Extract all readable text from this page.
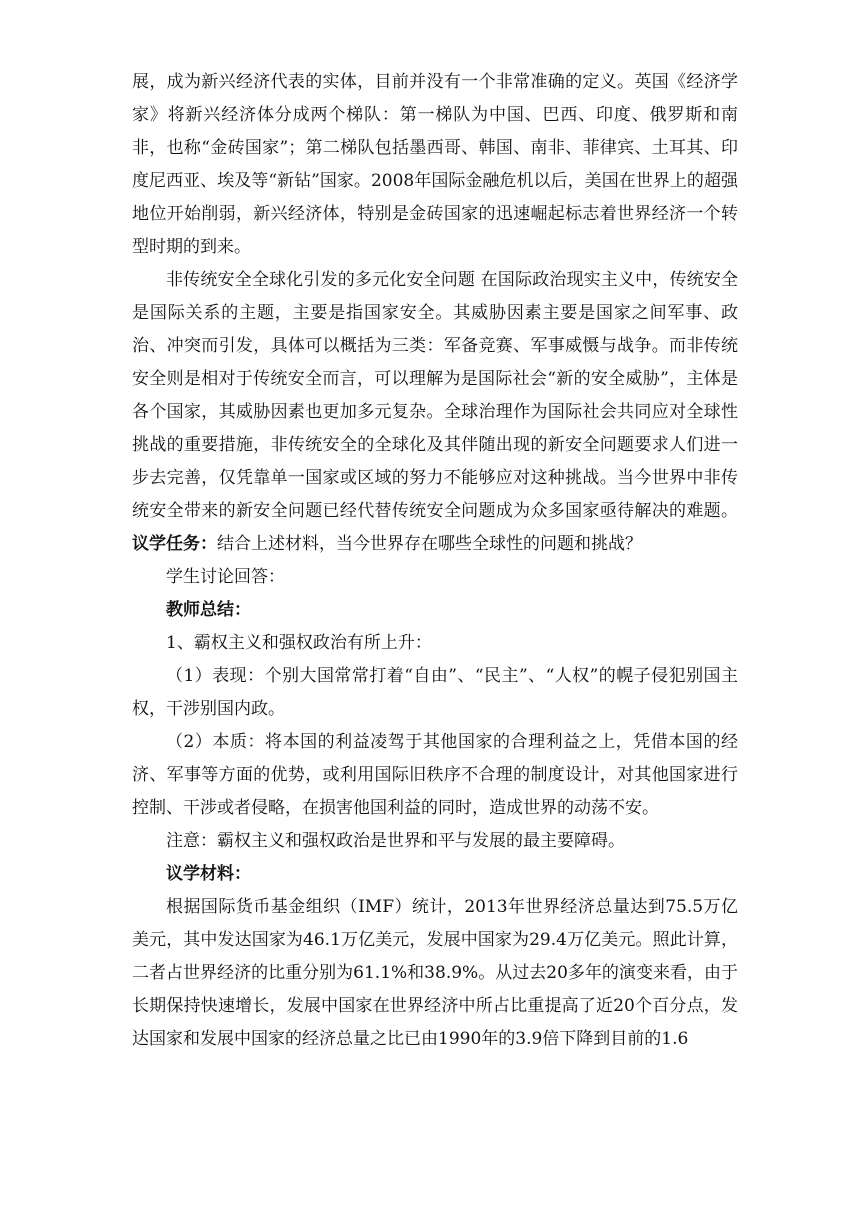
展，成为新兴经济代表的实体，目前并没有一个非常准确的定义。英国《经济学家》将新兴经济体分成两个梯队：第一梯队为中国、巴西、印度、俄罗斯和南非，也称“金砖国家”；第二梯队包括墨西哥、韩国、南非、菲律宾、土耳其、印度尼西亚、埃及等“新钻”国家。2008年国际金融危机以后，美国在世界上的超强地位开始削弱，新兴经济体，特别是金砖国家的迅速崛起标志着世界经济一个转型时期的到来。

非传统安全全球化引发的多元化安全问题 在国际政治现实主义中，传统安全是国际关系的主题，主要是指国家安全。其威胁因素主要是国家之间军事、政治、冲突而引发，具体可以概括为三类：军备竞赛、军事威慑与战争。而非传统安全则是相对于传统安全而言，可以理解为是国际社会“新的安全威胁”，主体是各个国家，其威胁因素也更加多元复杂。全球治理作为国际社会共同应对全球性挑战的重要措施，非传统安全的全球化及其伴随出现的新安全问题要求人们进一步去完善，仅凭靠单一国家或区域的努力不能够应对这种挑战。当今世界中非传统安全带来的新安全问题已经代替传统安全问题成为众多国家亟待解决的难题。议学任务：结合上述材料，当今世界存在哪些全球性的问题和挑战？

学生讨论回答：

教师总结：

1、霸权主义和强权政治有所上升：

（1）表现：个别大国常常打着“自由”、“民主”、“人权”的幌子侵犯别国主权，干涉别国内政。

（2）本质：将本国的利益凌驾于其他国家的合理利益之上，凭借本国的经济、军事等方面的优势，或利用国际旧秩序不合理的制度设计，对其他国家进行控制、干涉或者侵略，在损害他国利益的同时，造成世界的动荡不安。

注意：霸权主义和强权政治是世界和平与发展的最主要障碍。

议学材料：

根据国际货币基金组织（IMF）统计，2013年世界经济总量达到75.5万亿美元，其中发达国家为46.1万亿美元，发展中国家为29.4万亿美元。照此计算，二者占世界经济的比重分别为61.1%和38.9%。从过去20多年的演变来看，由于长期保持快速增长，发展中国家在世界经济中所占比重提高了近20个百分点，发达国家和发展中国家的经济总量之比已由1990年的3.9倍下降到目前的1.6
